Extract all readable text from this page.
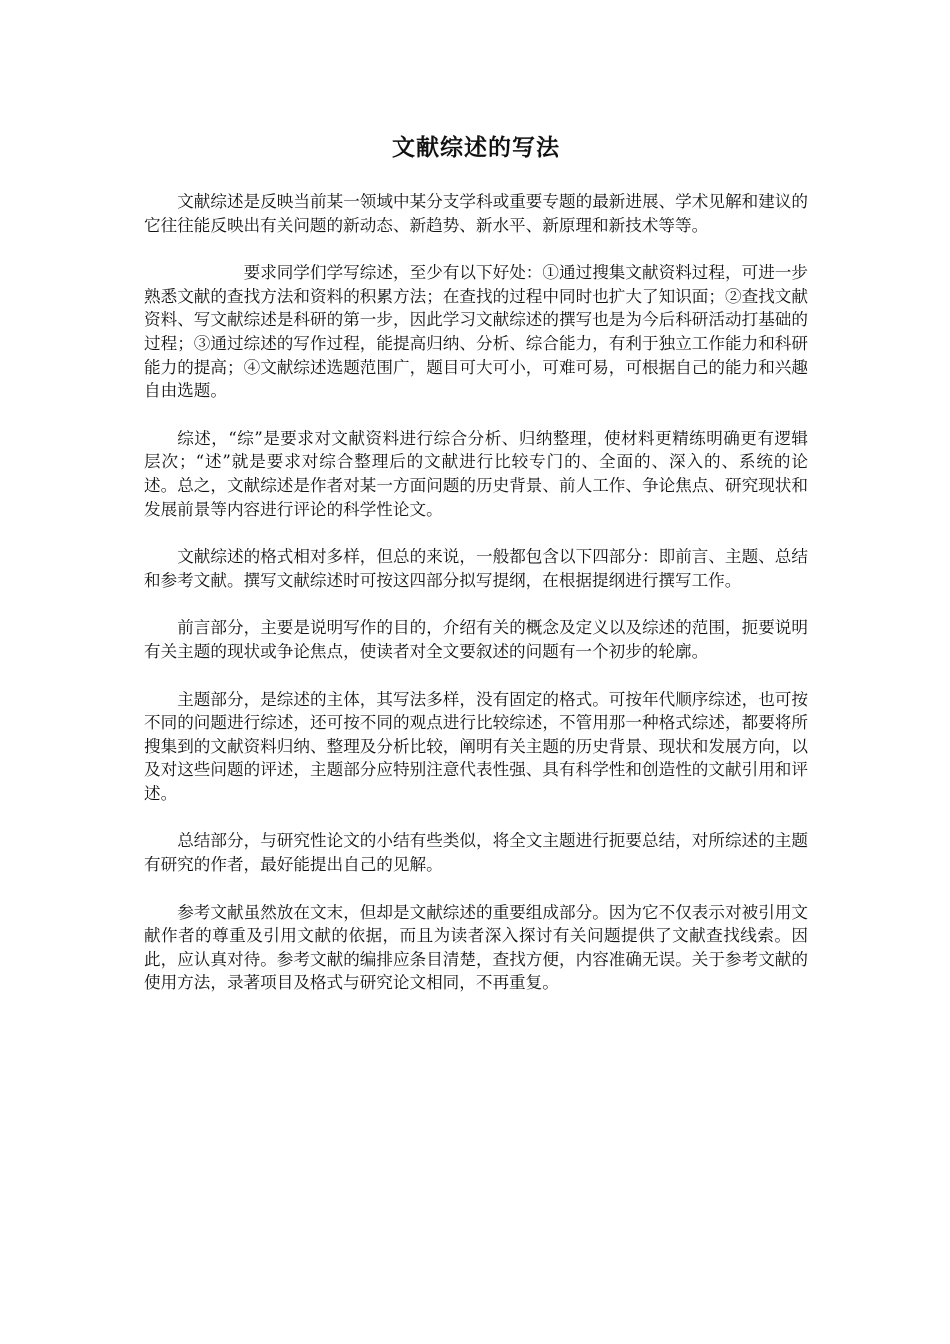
文献综述的写法

文献综述是反映当前某一领域中某分支学科或重要专题的最新进展、学术见解和建议的它往往能反映出有关问题的新动态、新趋势、新水平、新原理和新技术等等。

要求同学们学写综述，至少有以下好处：①通过搜集文献资料过程，可进一步熟悉文献的查找方法和资料的积累方法；在查找的过程中同时也扩大了知识面；②查找文献资料、写文献综述是科研的第一步，因此学习文献综述的撰写也是为今后科研活动打基础的过程；③通过综述的写作过程，能提高归纳、分析、综合能力，有利于独立工作能力和科研能力的提高；④文献综述选题范围广，题目可大可小，可难可易，可根据自己的能力和兴趣自由选题。

综述，“综”是要求对文献资料进行综合分析、归纳整理，使材料更精练明确更有逻辑层次；“述”就是要求对综合整理后的文献进行比较专门的、全面的、深入的、系统的论述。总之，文献综述是作者对某一方面问题的历史背景、前人工作、争论焦点、研究现状和发展前景等内容进行评论的科学性论文。

文献综述的格式相对多样，但总的来说，一般都包含以下四部分：即前言、主题、总结和参考文献。撰写文献综述时可按这四部分拟写提纲，在根据提纲进行撰写工作。

前言部分，主要是说明写作的目的，介绍有关的概念及定义以及综述的范围，扼要说明有关主题的现状或争论焦点，使读者对全文要叙述的问题有一个初步的轮廓。

主题部分，是综述的主体，其写法多样，没有固定的格式。可按年代顺序综述，也可按不同的问题进行综述，还可按不同的观点进行比较综述，不管用那一种格式综述，都要将所搜集到的文献资料归纳、整理及分析比较，阐明有关主题的历史背景、现状和发展方向，以及对这些问题的评述，主题部分应特别注意代表性强、具有科学性和创造性的文献引用和评述。

总结部分，与研究性论文的小结有些类似，将全文主题进行扼要总结，对所综述的主题有研究的作者，最好能提出自己的见解。

参考文献虽然放在文末，但却是文献综述的重要组成部分。因为它不仅表示对被引用文献作者的尊重及引用文献的依据，而且为读者深入探讨有关问题提供了文献查找线索。因此，应认真对待。参考文献的编排应条目清楚，查找方便，内容准确无误。关于参考文献的使用方法，录著项目及格式与研究论文相同，不再重复。
